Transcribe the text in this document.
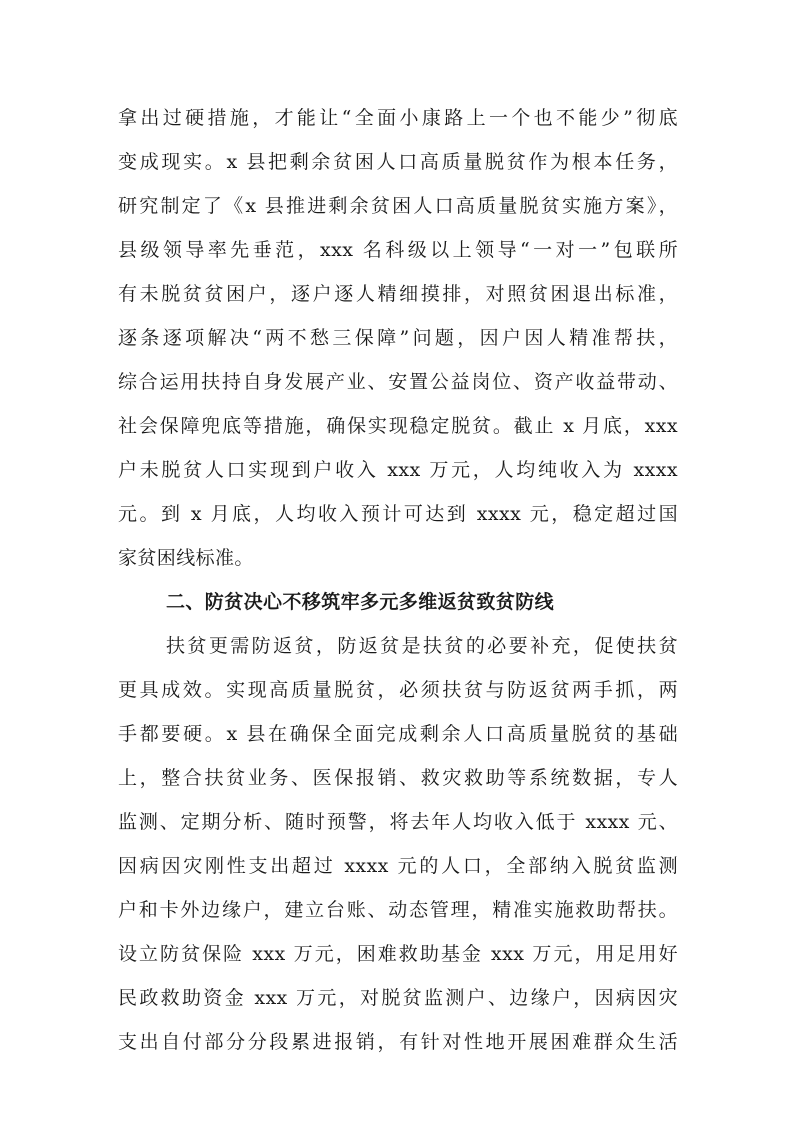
拿出过硬措施，才能让“全面小康路上一个也不能少”彻底
变成现实。x 县把剩余贫困人口高质量脱贫作为根本任务，
研究制定了《x 县推进剩余贫困人口高质量脱贫实施方案》，
县级领导率先垂范，xxx 名科级以上领导“一对一”包联所
有未脱贫贫困户，逐户逐人精细摸排，对照贫困退出标准，
逐条逐项解决“两不愁三保障”问题，因户因人精准帮扶，
综合运用扶持自身发展产业、安置公益岗位、资产收益带动、
社会保障兜底等措施，确保实现稳定脱贫。截止 x 月底，xxx
户未脱贫人口实现到户收入 xxx 万元，人均纯收入为 xxxx
元。到 x 月底，人均收入预计可达到 xxxx 元，稳定超过国
家贫困线标准。
二、防贫决心不移筑牢多元多维返贫致贫防线
扶贫更需防返贫，防返贫是扶贫的必要补充，促使扶贫
更具成效。实现高质量脱贫，必须扶贫与防返贫两手抓，两
手都要硬。x 县在确保全面完成剩余人口高质量脱贫的基础
上，整合扶贫业务、医保报销、救灾救助等系统数据，专人
监测、定期分析、随时预警，将去年人均收入低于 xxxx 元、
因病因灾刚性支出超过 xxxx 元的人口，全部纳入脱贫监测
户和卡外边缘户，建立台账、动态管理，精准实施救助帮扶。
设立防贫保险 xxx 万元，困难救助基金 xxx 万元，用足用好
民政救助资金 xxx 万元，对脱贫监测户、边缘户，因病因灾
支出自付部分分段累进报销，有针对性地开展困难群众生活
